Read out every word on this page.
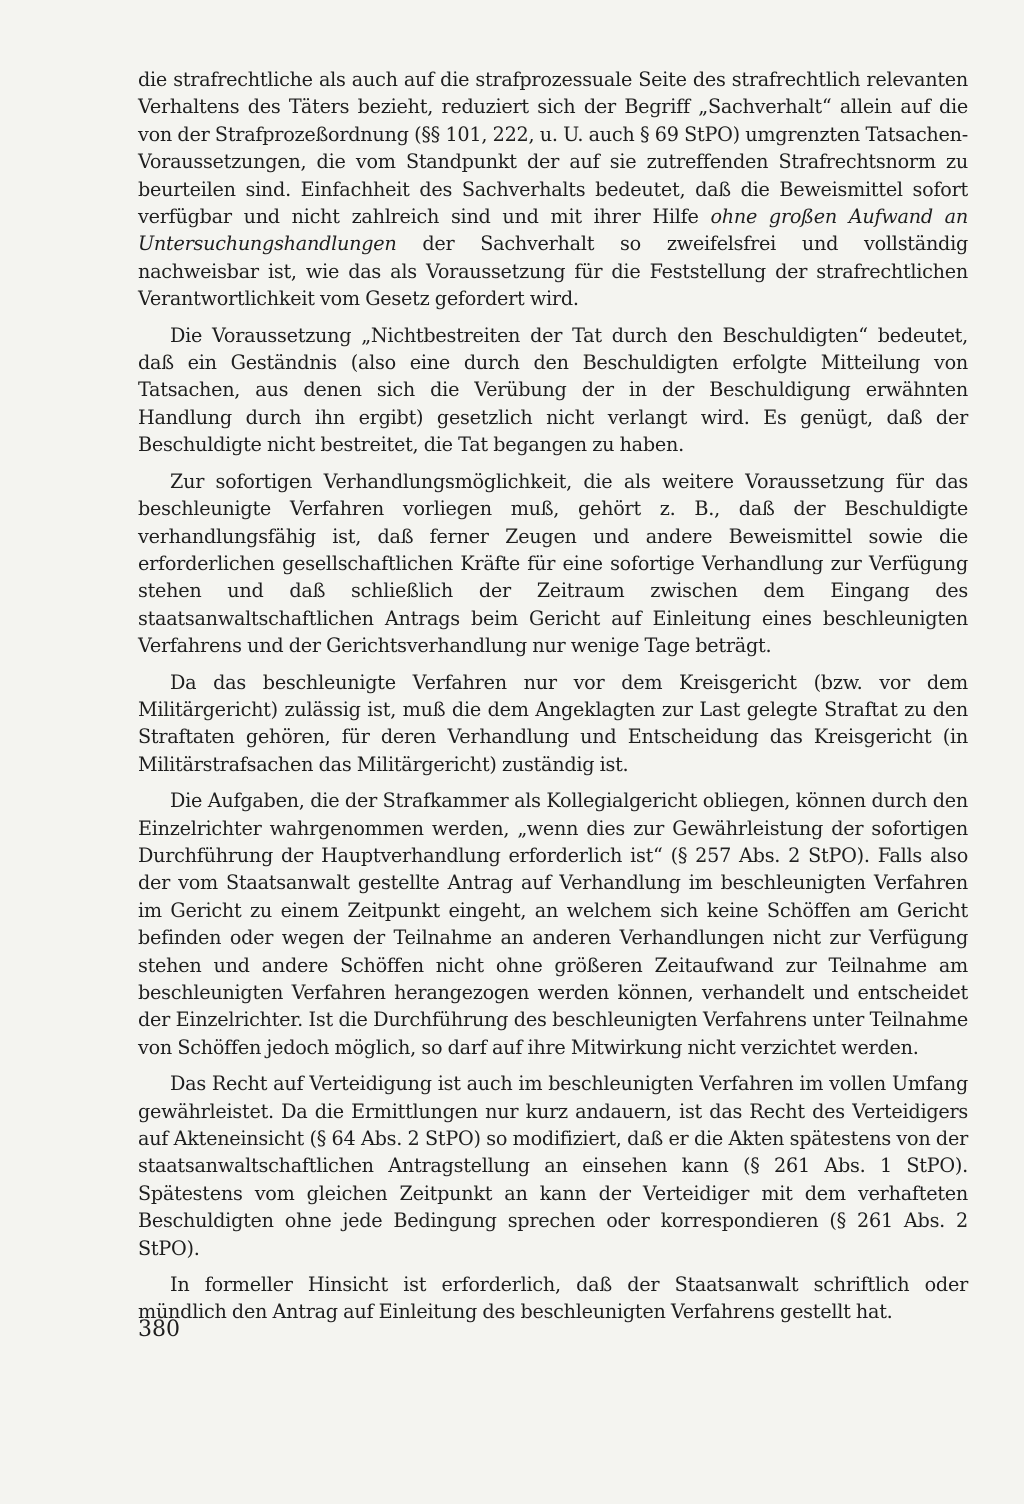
die strafrechtliche als auch auf die strafprozessuale Seite des strafrechtlich relevanten Verhaltens des Täters bezieht, reduziert sich der Begriff „Sachverhalt“ allein auf die von der Strafprozeßordnung (§§ 101, 222, u. U. auch § 69 StPO) umgrenzten Tatsachen-Voraussetzungen, die vom Standpunkt der auf sie zutreffenden Strafrechtsnorm zu beurteilen sind. Einfachheit des Sachverhalts bedeutet, daß die Beweismittel sofort verfügbar und nicht zahlreich sind und mit ihrer Hilfe ohne großen Aufwand an Untersuchungshandlungen der Sachverhalt so zweifelsfrei und vollständig nachweisbar ist, wie das als Voraussetzung für die Feststellung der strafrechtlichen Verantwortlichkeit vom Gesetz gefordert wird.

Die Voraussetzung „Nichtbestreiten der Tat durch den Beschuldigten“ bedeutet, daß ein Geständnis (also eine durch den Beschuldigten erfolgte Mitteilung von Tatsachen, aus denen sich die Verübung der in der Beschuldigung erwähnten Handlung durch ihn ergibt) gesetzlich nicht verlangt wird. Es genügt, daß der Beschuldigte nicht bestreitet, die Tat begangen zu haben.

Zur sofortigen Verhandlungsmöglichkeit, die als weitere Voraussetzung für das beschleunigte Verfahren vorliegen muß, gehört z. B., daß der Beschuldigte verhandlungsfähig ist, daß ferner Zeugen und andere Beweismittel sowie die erforderlichen gesellschaftlichen Kräfte für eine sofortige Verhandlung zur Verfügung stehen und daß schließlich der Zeitraum zwischen dem Eingang des staatsanwaltschaftlichen Antrags beim Gericht auf Einleitung eines beschleunigten Verfahrens und der Gerichtsverhandlung nur wenige Tage beträgt.

Da das beschleunigte Verfahren nur vor dem Kreisgericht (bzw. vor dem Militärgericht) zulässig ist, muß die dem Angeklagten zur Last gelegte Straftat zu den Straftaten gehören, für deren Verhandlung und Entscheidung das Kreisgericht (in Militärstrafsachen das Militärgericht) zuständig ist.

Die Aufgaben, die der Strafkammer als Kollegialgericht obliegen, können durch den Einzelrichter wahrgenommen werden, „wenn dies zur Gewährleistung der sofortigen Durchführung der Hauptverhandlung erforderlich ist“ (§ 257 Abs. 2 StPO). Falls also der vom Staatsanwalt gestellte Antrag auf Verhandlung im beschleunigten Verfahren im Gericht zu einem Zeitpunkt eingeht, an welchem sich keine Schöffen am Gericht befinden oder wegen der Teilnahme an anderen Verhandlungen nicht zur Verfügung stehen und andere Schöffen nicht ohne größeren Zeitaufwand zur Teilnahme am beschleunigten Verfahren herangezogen werden können, verhandelt und entscheidet der Einzelrichter. Ist die Durchführung des beschleunigten Verfahrens unter Teilnahme von Schöffen jedoch möglich, so darf auf ihre Mitwirkung nicht verzichtet werden.

Das Recht auf Verteidigung ist auch im beschleunigten Verfahren im vollen Umfang gewährleistet. Da die Ermittlungen nur kurz andauern, ist das Recht des Verteidigers auf Akteneinsicht (§ 64 Abs. 2 StPO) so modifiziert, daß er die Akten spätestens von der staatsanwaltschaftlichen Antragstellung an einsehen kann (§ 261 Abs. 1 StPO). Spätestens vom gleichen Zeitpunkt an kann der Verteidiger mit dem verhafteten Beschuldigten ohne jede Bedingung sprechen oder korrespondieren (§ 261 Abs. 2 StPO).

In formeller Hinsicht ist erforderlich, daß der Staatsanwalt schriftlich oder mündlich den Antrag auf Einleitung des beschleunigten Verfahrens gestellt hat.

380
